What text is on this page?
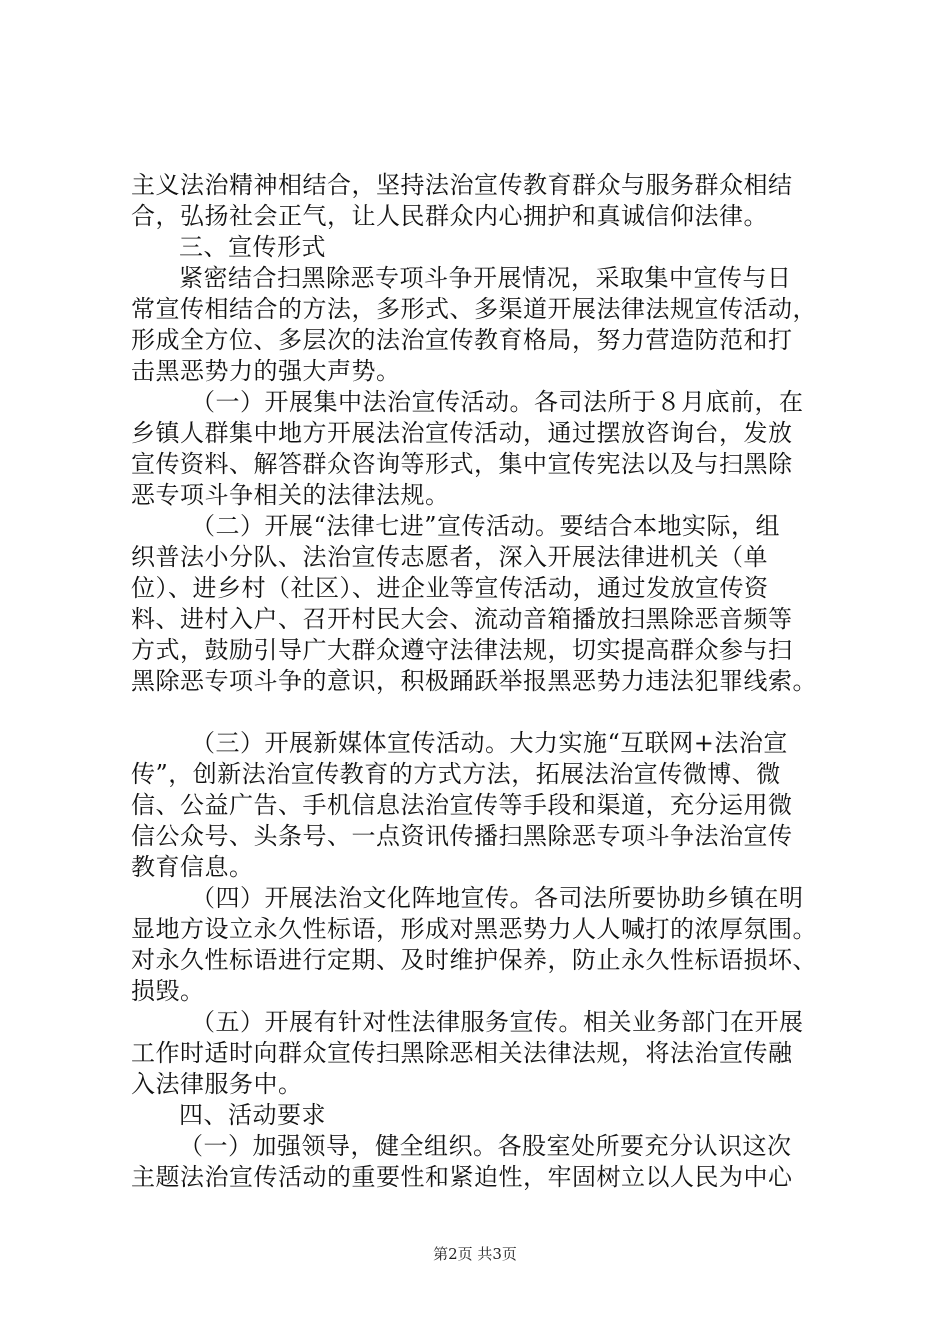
主义法治精神相结合，坚持法治宣传教育群众与服务群众相结
合，弘扬社会正气，让人民群众内心拥护和真诚信仰法律。
三、宣传形式
紧密结合扫黑除恶专项斗争开展情况，采取集中宣传与日
常宣传相结合的方法，多形式、多渠道开展法律法规宣传活动，
形成全方位、多层次的法治宣传教育格局，努力营造防范和打
击黑恶势力的强大声势。
（一）开展集中法治宣传活动。各司法所于８月底前，在
乡镇人群集中地方开展法治宣传活动，通过摆放咨询台，发放
宣传资料、解答群众咨询等形式，集中宣传宪法以及与扫黑除
恶专项斗争相关的法律法规。
（二）开展“法律七进”宣传活动。要结合本地实际，组
织普法小分队、法治宣传志愿者，深入开展法律进机关（单
位）、进乡村（社区）、进企业等宣传活动，通过发放宣传资
料、进村入户、召开村民大会、流动音箱播放扫黑除恶音频等
方式，鼓励引导广大群众遵守法律法规，切实提高群众参与扫
黑除恶专项斗争的意识，积极踊跃举报黑恶势力违法犯罪线索。
（三）开展新媒体宣传活动。大力实施“互联网+法治宣
传”，创新法治宣传教育的方式方法，拓展法治宣传微博、微
信、公益广告、手机信息法治宣传等手段和渠道，充分运用微
信公众号、头条号、一点资讯传播扫黑除恶专项斗争法治宣传
教育信息。
（四）开展法治文化阵地宣传。各司法所要协助乡镇在明
显地方设立永久性标语，形成对黑恶势力人人喊打的浓厚氛围。
对永久性标语进行定期、及时维护保养，防止永久性标语损坏、
损毁。
（五）开展有针对性法律服务宣传。相关业务部门在开展
工作时适时向群众宣传扫黑除恶相关法律法规，将法治宣传融
入法律服务中。
四、活动要求
（一）加强领导，健全组织。各股室处所要充分认识这次
主题法治宣传活动的重要性和紧迫性，牢固树立以人民为中心
第2页 共3页
